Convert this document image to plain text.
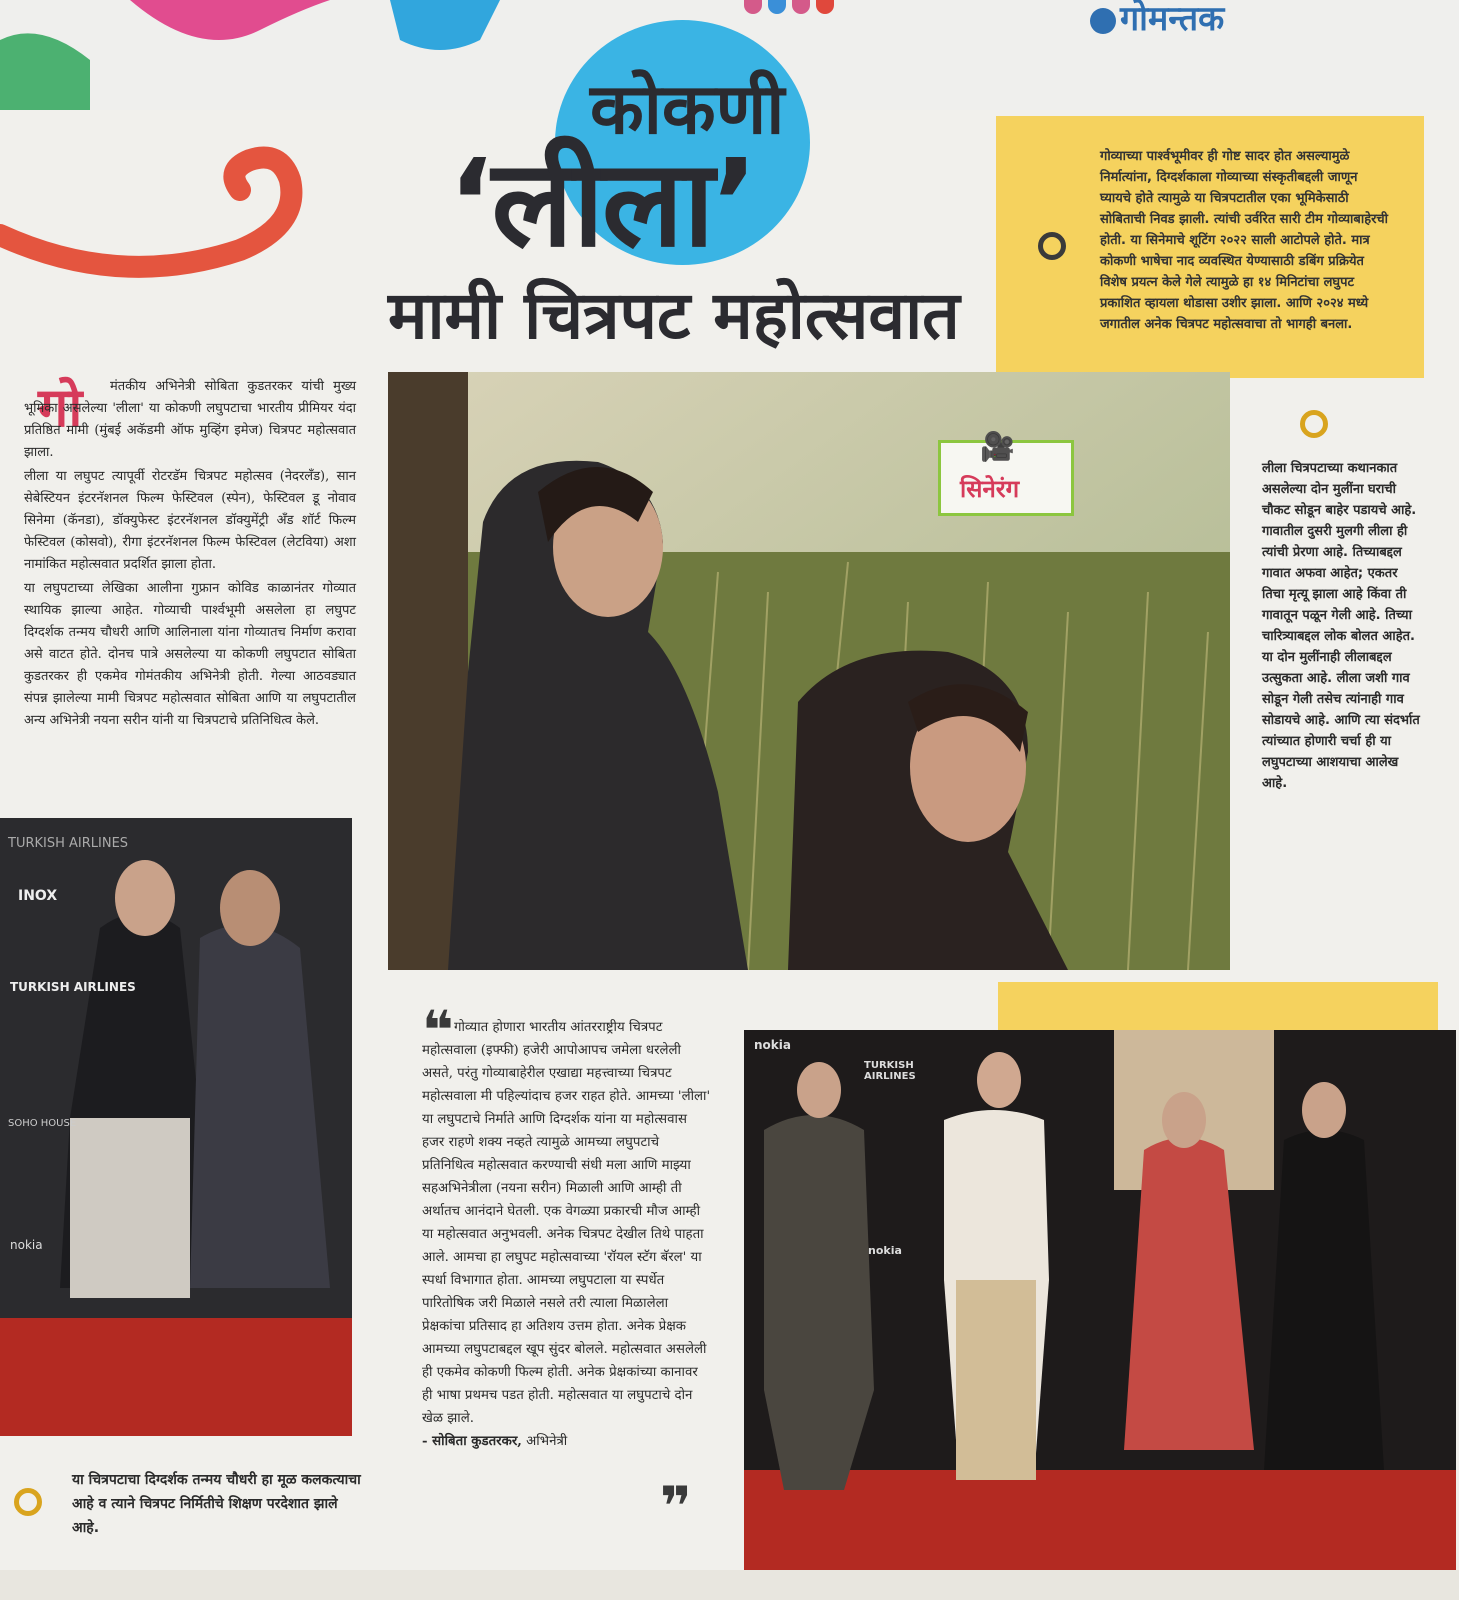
गोमन्तक
कोकणी
‘लीला’
मामी चित्रपट महोत्सवात
गो	मंतकीय अभिनेत्री सोबिता कुडतरकर यांची मुख्य भूमिका असलेल्या 'लीला' या कोकणी लघुपटाचा भारतीय प्रीमियर यंदा प्रतिष्ठित मामी (मुंबई अकॅडमी ऑफ मुव्हिंग इमेज) चित्रपट महोत्सवात झाला.

लीला या लघुपट त्यापूर्वी रोटरडॅम चित्रपट महोत्सव (नेदरलँड), सान सेबेस्टियन इंटरनॅशनल फिल्म फेस्टिवल (स्पेन), फेस्टिवल डू नोवाव सिनेमा (कॅनडा), डॉक्युफेस्ट इंटरनॅशनल डॉक्युमेंट्री अँड शॉर्ट फिल्म फेस्टिवल (कोसवो), रीगा इंटरनॅशनल फिल्म फेस्टिवल (लेटविया) अशा नामांकित महोत्सवात प्रदर्शित झाला होता.

या लघुपटाच्या लेखिका आलीना गुफ्रान कोविड काळानंतर गोव्यात स्थायिक झाल्या आहेत. गोव्याची पार्श्वभूमी असलेला हा लघुपट दिग्दर्शक तन्मय चौधरी आणि आलिनाला यांना गोव्यातच निर्माण करावा असे वाटत होते. दोनच पात्रे असलेल्या या कोकणी लघुपटात सोबिता कुडतरकर ही एकमेव गोमंतकीय अभिनेत्री होती. गेल्या आठवड्यात संपन्न झालेल्या मामी चित्रपट महोत्सवात सोबिता आणि या लघुपटातील अन्य अभिनेत्री नयना सरीन यांनी या चित्रपटाचे प्रतिनिधित्व केले.

गोव्याच्या पार्श्वभूमीवर ही गोष्ट सादर होत असल्यामुळे निर्मात्यांना, दिग्दर्शकाला गोव्याच्या संस्कृतीबद्दली जाणून घ्यायचे होते त्यामुळे या चित्रपटातील एका भूमिकेसाठी सोबिताची निवड झाली. त्यांची उर्वरित सारी टीम गोव्याबाहेरची होती. या सिनेमाचे शूटिंग २०२२ साली आटोपले होते. मात्र कोकणी भाषेचा नाद व्यवस्थित येण्यासाठी डबिंग प्रक्रियेत विशेष प्रयत्न केले गेले त्यामुळे हा १४ मिनिटांचा लघुपट प्रकाशित व्हायला थोडासा उशीर झाला. आणि २०२४ मध्ये जगातील अनेक चित्रपट महोत्सवाचा तो भागही बनला.
🎥
सिनेरंग
लीला चित्रपटाच्या कथानकात असलेल्या दोन मुलींना घराची चौकट सोडून बाहेर पडायचे आहे. गावातील दुसरी मुलगी लीला ही त्यांची प्रेरणा आहे. तिच्याबद्दल गावात अफवा आहेत; एकतर तिचा मृत्यू झाला आहे किंवा ती गावातून पळून गेली आहे. तिच्या चारित्र्याबद्दल लोक बोलत आहेत. या दोन मुलींनाही लीलाबद्दल उत्सुकता आहे. लीला जशी गाव सोडून गेली तसेच त्यांनाही गाव सोडायचे आहे. आणि त्या संदर्भात त्यांच्यात होणारी चर्चा ही या लघुपटाच्या आशयाचा आलेख आहे.
TURKISH AIRLINES
INOX
TURKISH AIRLINES
SOHO HOUSE
nokia
❝ गोव्यात होणारा भारतीय आंतरराष्ट्रीय चित्रपट महोत्सवाला (इफ्फी) हजेरी आपोआपच जमेला धरलेली असते, परंतु गोव्याबाहेरील एखाद्या महत्त्वाच्या चित्रपट महोत्सवाला मी पहिल्यांदाच हजर राहत होते. आमच्या 'लीला' या लघुपटाचे निर्माते आणि दिग्दर्शक यांना या महोत्सवास हजर राहणे शक्य नव्हते त्यामुळे आमच्या लघुपटाचे प्रतिनिधित्व महोत्सवात करण्याची संधी मला आणि माझ्या सहअभिनेत्रीला (नयना सरीन) मिळाली आणि आम्ही ती अर्थातच आनंदाने घेतली. एक वेगळ्या प्रकारची मौज आम्ही या महोत्सवात अनुभवली. अनेक चित्रपट देखील तिथे पाहता आले. आमचा हा लघुपट महोत्सवाच्या 'रॉयल स्टॅग बॅरल' या स्पर्धा विभागात होता. आमच्या लघुपटाला या स्पर्धेत पारितोषिक जरी मिळाले नसले तरी त्याला मिळालेला प्रेक्षकांचा प्रतिसाद हा अतिशय उत्तम होता. अनेक प्रेक्षक आमच्या लघुपटाबद्दल खूप सुंदर बोलले. महोत्सवात असलेली ही एकमेव कोकणी फिल्म होती. अनेक प्रेक्षकांच्या कानावर ही भाषा प्रथमच पडत होती. महोत्सवात या लघुपटाचे दोन खेळ झाले.
- सोबिता कुडतरकर, अभिनेत्री
❞
nokia
TURKISH AIRLINES
nokia
या चित्रपटाचा दिग्दर्शक तन्मय चौधरी हा मूळ कलकत्याचा आहे व त्याने चित्रपट निर्मितीचे शिक्षण परदेशात झाले आहे.
